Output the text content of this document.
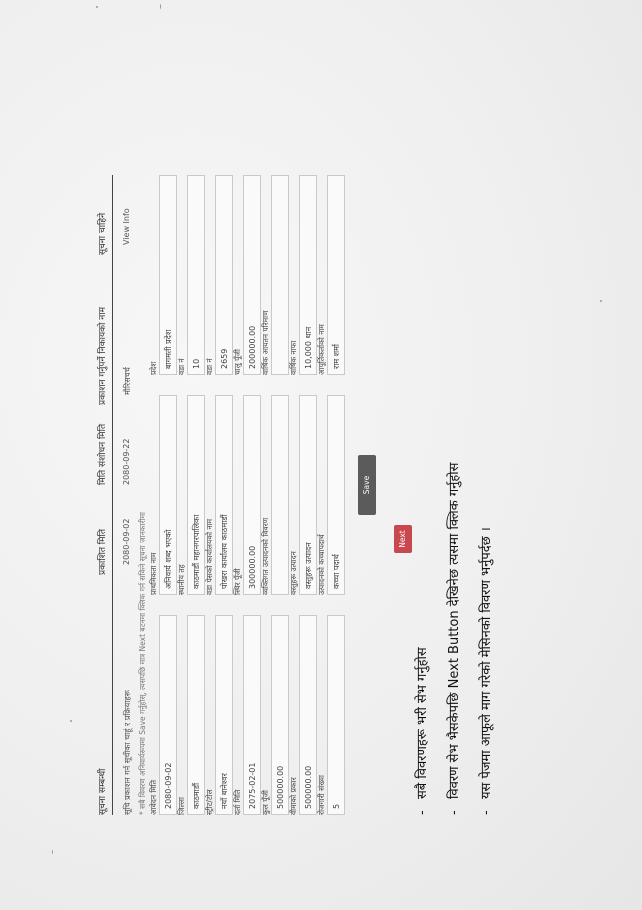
सूचना सम्बन्धी
प्रकाशित मिति
मिति संशोधन मिति
प्रकाशन गर्नुपर्ने निकायको नाम
सूचना चाहिने
सूचि प्रकाशन गर्न सूचीका चाहूं र प्रक्रियाहरू
2080-09-02
2080-09-22
मौरिसचर्च
View Info
* सबै विवरण अनिवार्यरूपमा Save गर्नुहोस्, त्यसपछि मात्र Next बटनमा क्लिक गर्न सकिने सूचना जानकारीमा आवेदन मिति 2080-09-02
प्राथमिकता नाम अनिवार्य शब्द भएको
प्रदेश बागमती प्रदेश
जिल्ला काठमाडौं
स्थानीय तह काठमाडौं महानगरपालिका
वडा नं 10
स्ट्रीट/टोल नयाँ बानेश्वर
वडा पेसको कार्यालयको नाम पोखरा कार्यालय काठमाडौं
वडा नं 2659
दर्ता मिति 2075-02-01
स्थिर पूँजी 300000.00
चालु पूँजी 200000.00
कुल पूँजी 500000.00
व्यक्तिगत उत्पादनको विवरण
वार्षिक आयतन परिमाण
वीमाको प्रकार 500000.00
वस्तुहरू उत्पादन वस्तुहरू उत्पादन
वार्षिक नाफा 10,000 थान
रोजगारी संख्या 5
उत्पादनको कच्चापदार्थ कच्चा पदार्थ
आपूर्तिकर्ताको नाम राम शर्मा
Save
Next
-सबै विवरणहरू भरी सेभ गर्नुहोस
-विवरण सेभ भैसकेपछि Next Button देखिनेछ त्यसमा क्लिक गर्नुहोस
-यस पेजमा आफूले माग गरेको मेसिनको विवरण भर्नुपर्दछ ।
